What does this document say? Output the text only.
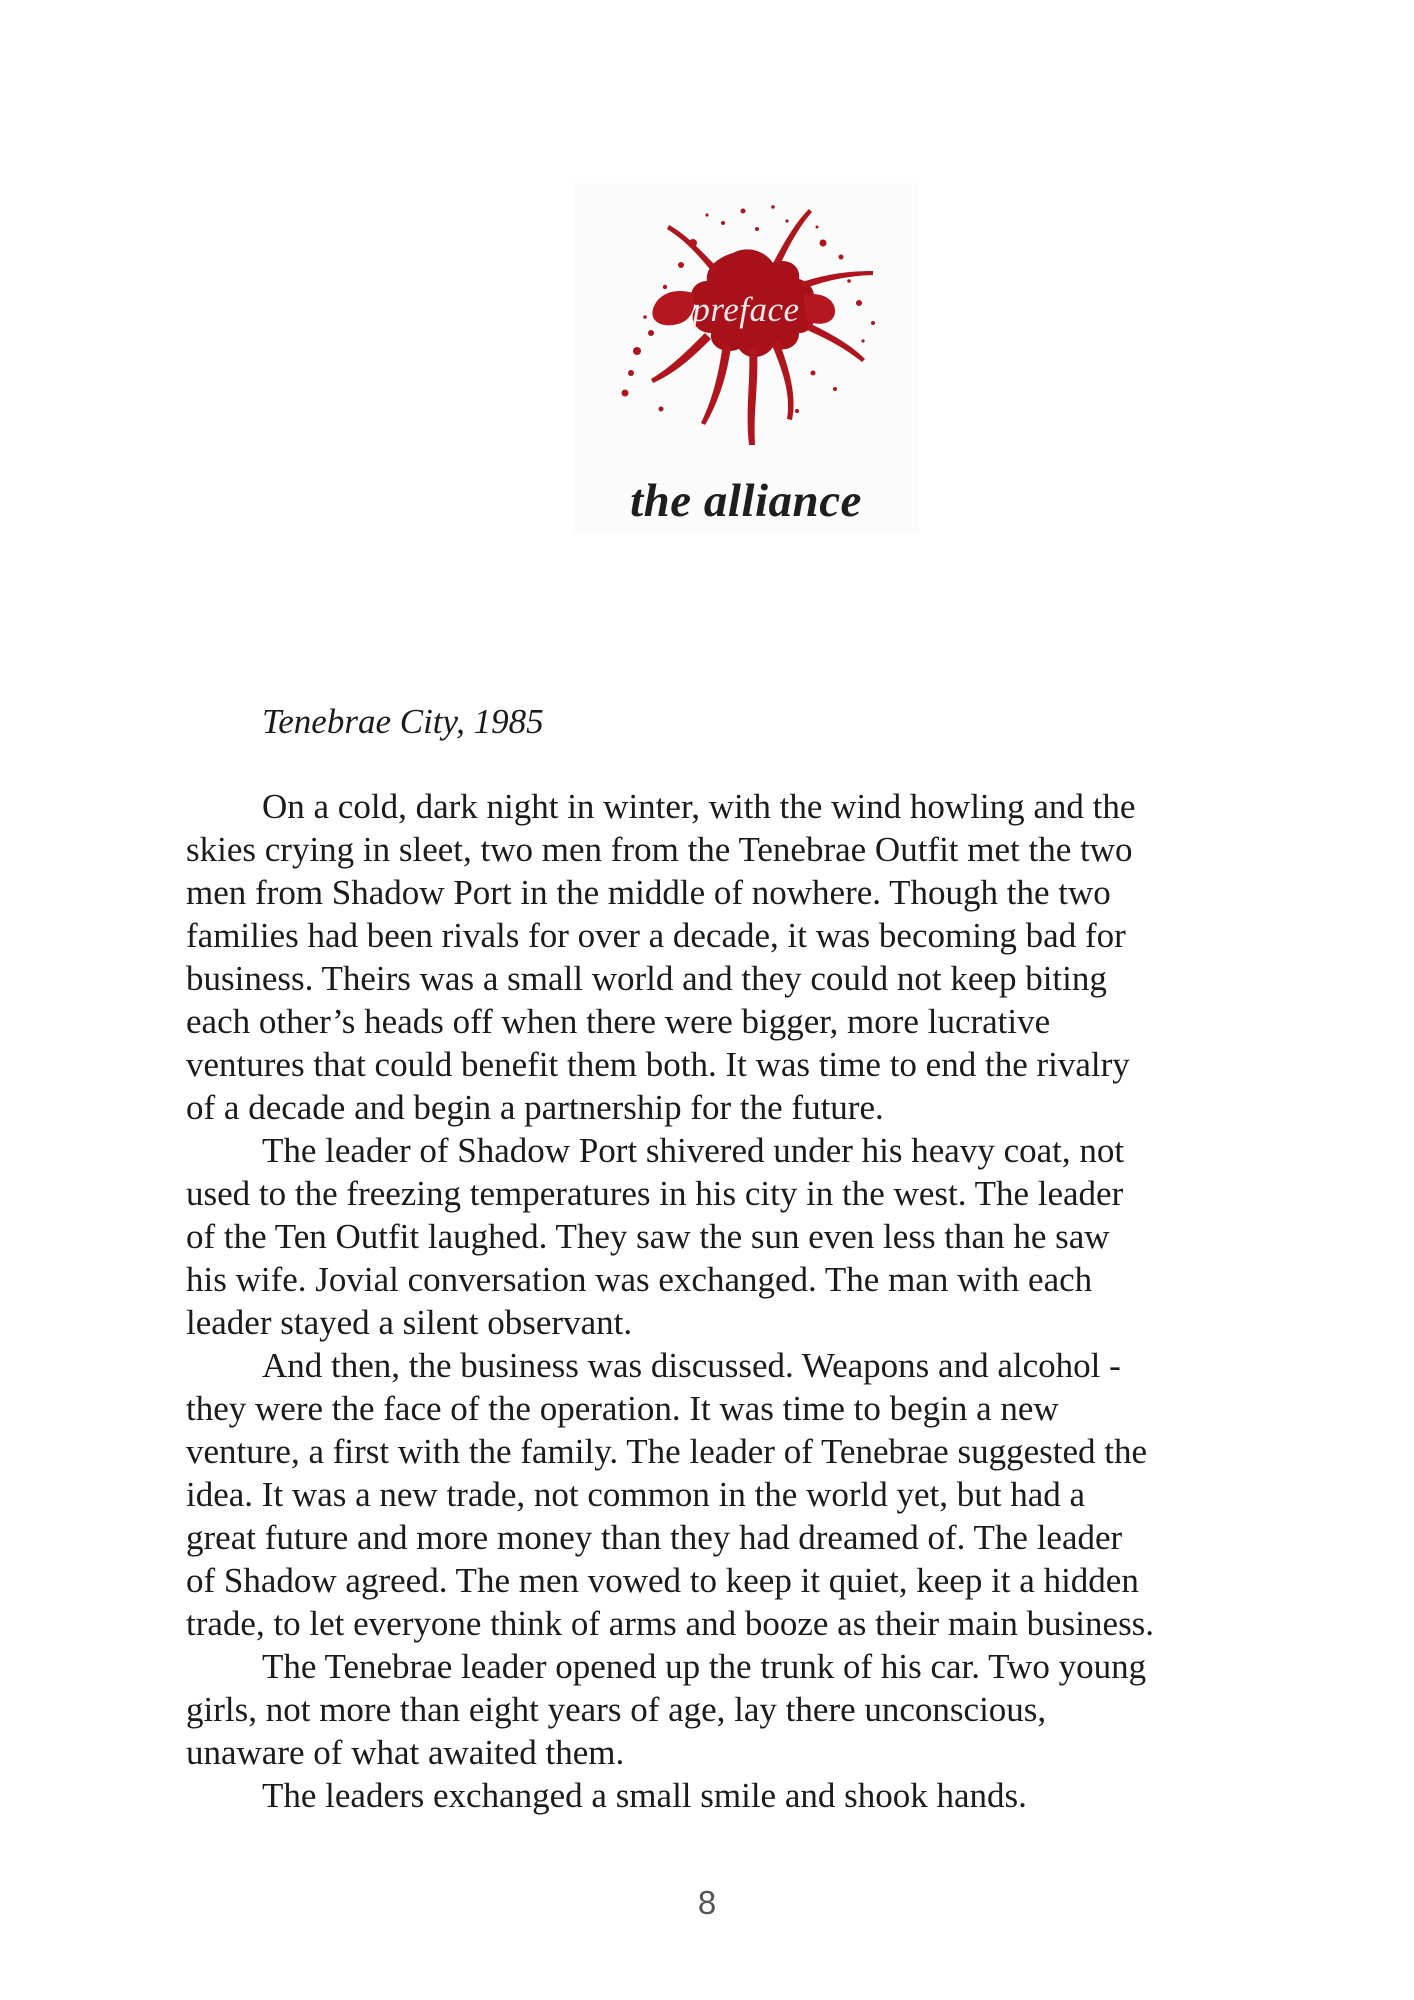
preface
the alliance

Tenebrae City, 1985

On a cold, dark night in winter, with the wind howling and the
skies crying in sleet, two men from the Tenebrae Outfit met the two
men from Shadow Port in the middle of nowhere. Though the two
families had been rivals for over a decade, it was becoming bad for
business. Theirs was a small world and they could not keep biting
each other’s heads off when there were bigger, more lucrative
ventures that could benefit them both. It was time to end the rivalry
of a decade and begin a partnership for the future.

The leader of Shadow Port shivered under his heavy coat, not
used to the freezing temperatures in his city in the west. The leader
of the Ten Outfit laughed. They saw the sun even less than he saw
his wife. Jovial conversation was exchanged. The man with each
leader stayed a silent observant.

And then, the business was discussed. Weapons and alcohol -
they were the face of the operation. It was time to begin a new
venture, a first with the family. The leader of Tenebrae suggested the
idea. It was a new trade, not common in the world yet, but had a
great future and more money than they had dreamed of. The leader
of Shadow agreed. The men vowed to keep it quiet, keep it a hidden
trade, to let everyone think of arms and booze as their main business.

The Tenebrae leader opened up the trunk of his car. Two young
girls, not more than eight years of age, lay there unconscious,
unaware of what awaited them.

The leaders exchanged a small smile and shook hands.

8
